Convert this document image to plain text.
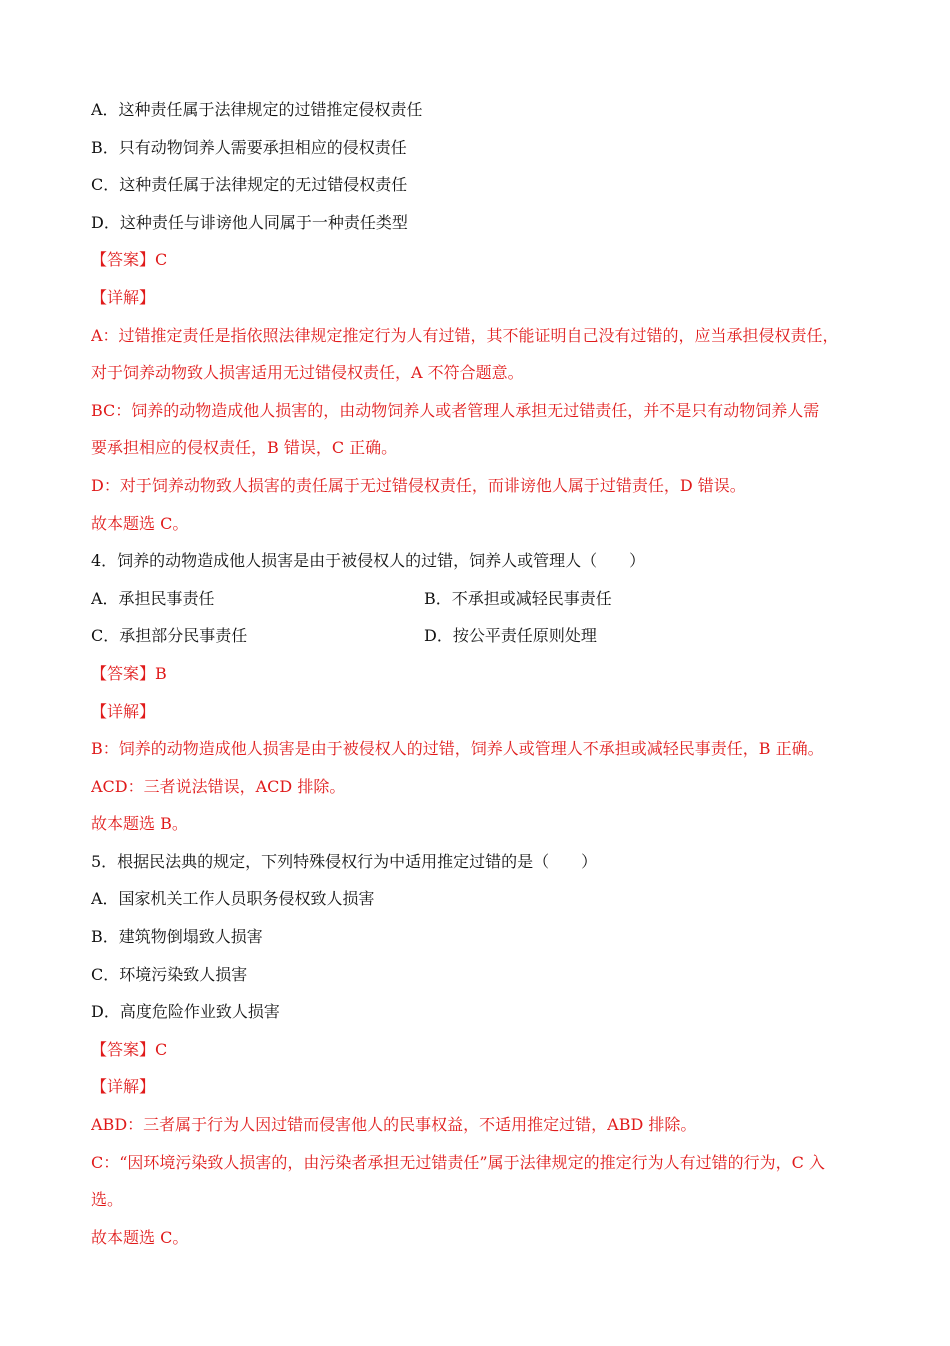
A．这种责任属于法律规定的过错推定侵权责任
B．只有动物饲养人需要承担相应的侵权责任
C．这种责任属于法律规定的无过错侵权责任
D．这种责任与诽谤他人同属于一种责任类型
【答案】C
【详解】
A：过错推定责任是指依照法律规定推定行为人有过错，其不能证明自己没有过错的，应当承担侵权责任，
对于饲养动物致人损害适用无过错侵权责任，A 不符合题意。
BC：饲养的动物造成他人损害的，由动物饲养人或者管理人承担无过错责任，并不是只有动物饲养人需
要承担相应的侵权责任，B 错误，C 正确。
D：对于饲养动物致人损害的责任属于无过错侵权责任，而诽谤他人属于过错责任，D 错误。
故本题选 C。
4．饲养的动物造成他人损害是由于被侵权人的过错，饲养人或管理人（　　）
A．承担民事责任	B．不承担或减轻民事责任
C．承担部分民事责任	D．按公平责任原则处理
【答案】B
【详解】
B：饲养的动物造成他人损害是由于被侵权人的过错，饲养人或管理人不承担或减轻民事责任，B 正确。
ACD：三者说法错误，ACD 排除。
故本题选 B。
5．根据民法典的规定，下列特殊侵权行为中适用推定过错的是（　　）
A．国家机关工作人员职务侵权致人损害
B．建筑物倒塌致人损害
C．环境污染致人损害
D．高度危险作业致人损害
【答案】C
【详解】
ABD：三者属于行为人因过错而侵害他人的民事权益，不适用推定过错，ABD 排除。
C：“因环境污染致人损害的，由污染者承担无过错责任”属于法律规定的推定行为人有过错的行为，C 入
选。
故本题选 C。
